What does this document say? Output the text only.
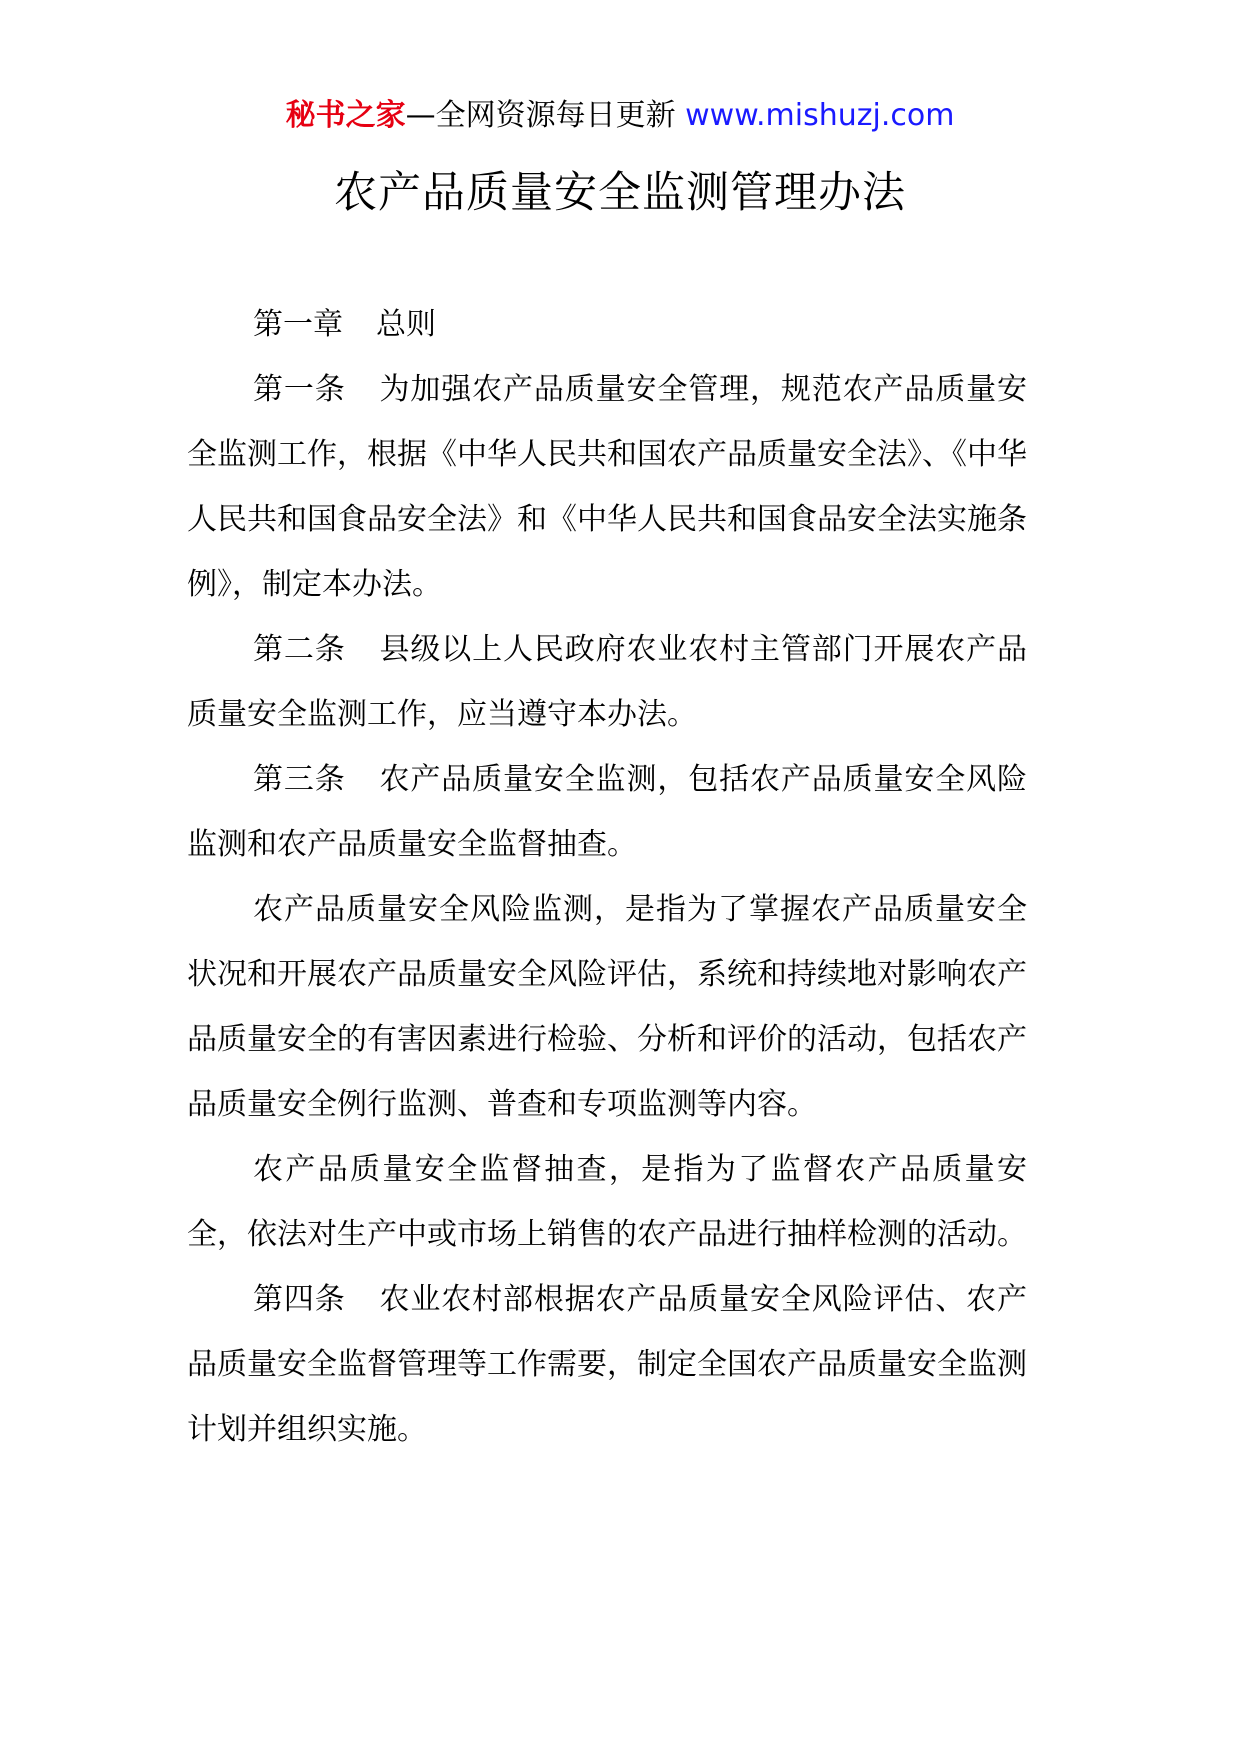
秘书之家—全网资源每日更新 www.mishuzj.com
农产品质量安全监测管理办法

第一章 总则

第一条 为加强农产品质量安全管理，规范农产品质量安全监测工作，根据《中华人民共和国农产品质量安全法》、《中华人民共和国食品安全法》和《中华人民共和国食品安全法实施条例》，制定本办法。

第二条 县级以上人民政府农业农村主管部门开展农产品质量安全监测工作，应当遵守本办法。

第三条 农产品质量安全监测，包括农产品质量安全风险监测和农产品质量安全监督抽查。

农产品质量安全风险监测，是指为了掌握农产品质量安全状况和开展农产品质量安全风险评估，系统和持续地对影响农产品质量安全的有害因素进行检验、分析和评价的活动，包括农产品质量安全例行监测、普查和专项监测等内容。

农产品质量安全监督抽查，是指为了监督农产品质量安全，依法对生产中或市场上销售的农产品进行抽样检测的活动。

第四条 农业农村部根据农产品质量安全风险评估、农产品质量安全监督管理等工作需要，制定全国农产品质量安全监测计划并组织实施。
